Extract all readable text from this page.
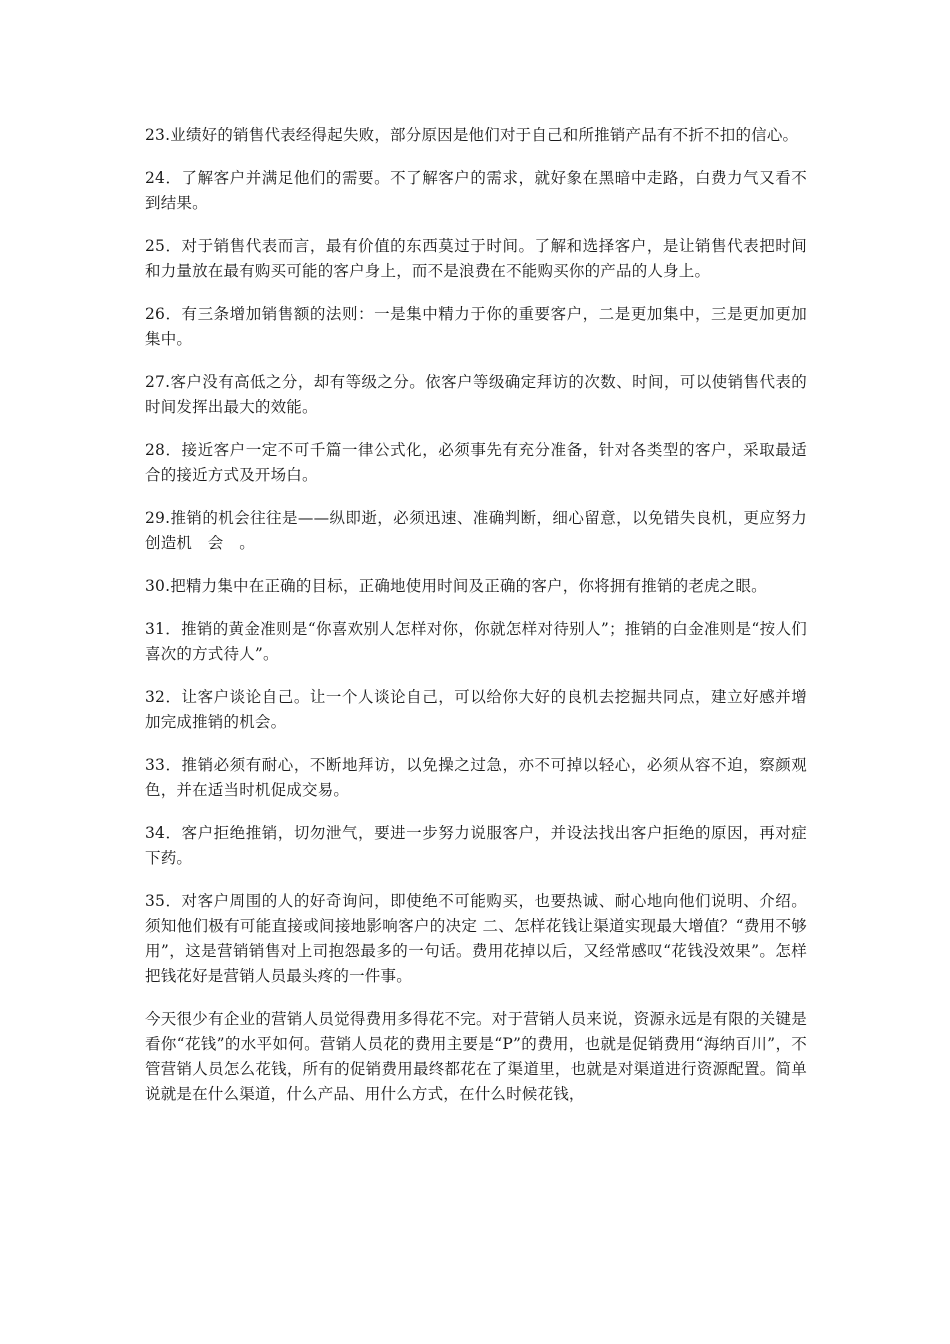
23.业绩好的销售代表经得起失败，部分原因是他们对于自己和所推销产品有不折不扣的信心。

24．了解客户并满足他们的需要。不了解客户的需求，就好象在黑暗中走路，白费力气又看不到结果。

25．对于销售代表而言，最有价值的东西莫过于时间。了解和选择客户，是让销售代表把时间和力量放在最有购买可能的客户身上，而不是浪费在不能购买你的产品的人身上。

26．有三条增加销售额的法则：一是集中精力于你的重要客户，二是更加集中，三是更加更加集中。

27.客户没有高低之分，却有等级之分。依客户等级确定拜访的次数、时间，可以使销售代表的时间发挥出最大的效能。

28．接近客户一定不可千篇一律公式化，必须事先有充分准备，针对各类型的客户，采取最适合的接近方式及开场白。

29.推销的机会往往是——纵即逝，必须迅速、准确判断，细心留意，以免错失良机，更应努力创造机　会　。

30.把精力集中在正确的目标，正确地使用时间及正确的客户，你将拥有推销的老虎之眼。

31．推销的黄金准则是“你喜欢别人怎样对你，你就怎样对待别人”；推销的白金准则是“按人们喜次的方式待人”。

32．让客户谈论自己。让一个人谈论自己，可以给你大好的良机去挖掘共同点，建立好感并增加完成推销的机会。

33．推销必须有耐心，不断地拜访，以免操之过急，亦不可掉以轻心，必须从容不迫，察颜观色，并在适当时机促成交易。

34．客户拒绝推销，切勿泄气，要进一步努力说服客户，并设法找出客户拒绝的原因，再对症下药。

35．对客户周围的人的好奇询问，即使绝不可能购买，也要热诚、耐心地向他们说明、介绍。须知他们极有可能直接或间接地影响客户的决定 二、怎样花钱让渠道实现最大增值？“费用不够用”，这是营销销售对上司抱怨最多的一句话。费用花掉以后，又经常感叹“花钱没效果”。怎样把钱花好是营销人员最头疼的一件事。

今天很少有企业的营销人员觉得费用多得花不完。对于营销人员来说，资源永远是有限的关键是看你“花钱”的水平如何。营销人员花的费用主要是“P”的费用，也就是促销费用“海纳百川”，不管营销人员怎么花钱，所有的促销费用最终都花在了渠道里，也就是对渠道进行资源配置。简单说就是在什么渠道，什么产品、用什么方式，在什么时候花钱，
